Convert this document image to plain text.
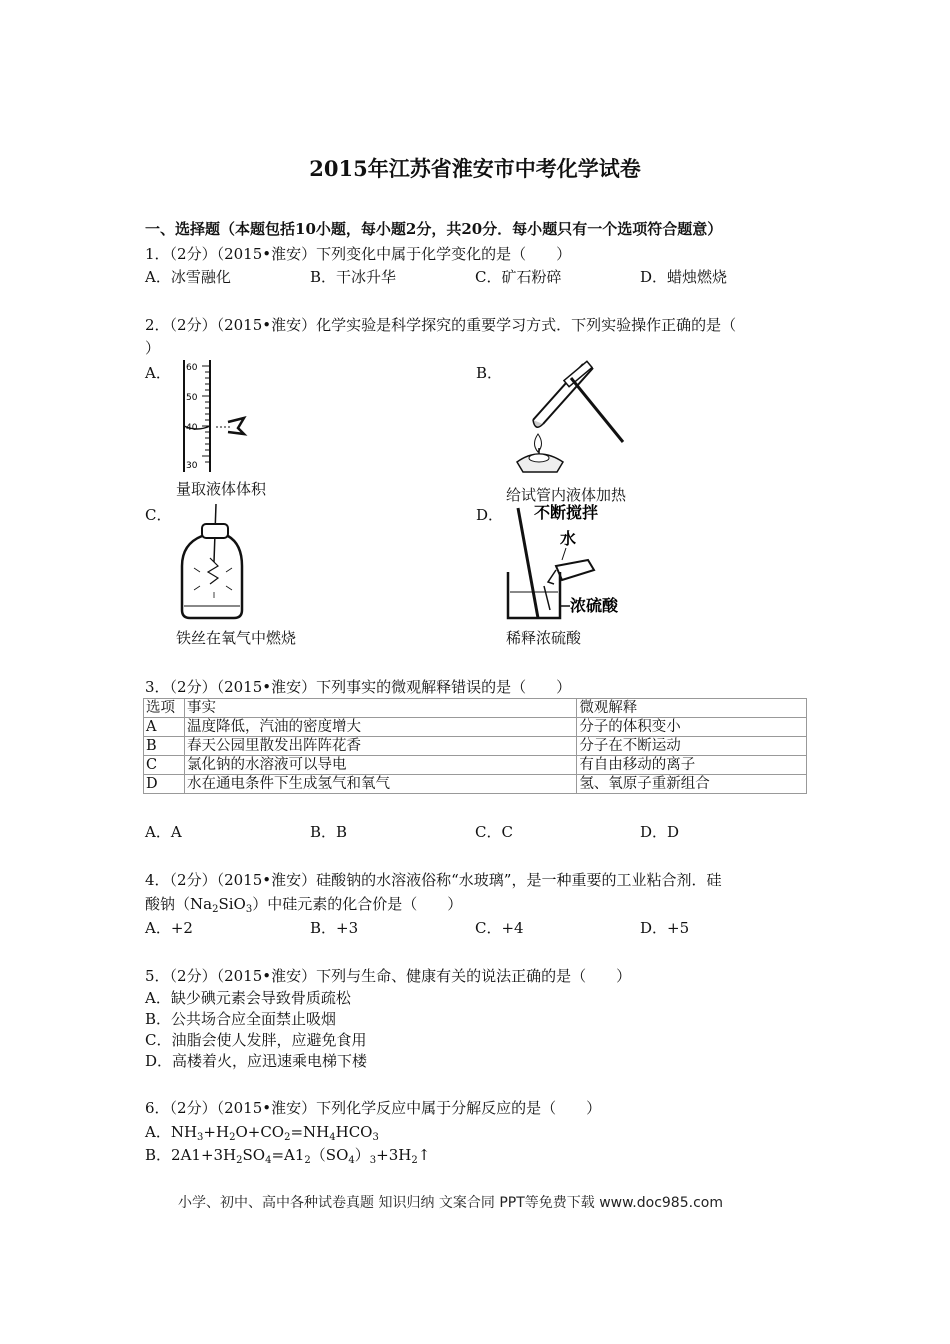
2015年江苏省淮安市中考化学试卷
一、选择题（本题包括10小题，每小题2分，共20分．每小题只有一个选项符合题意）
1．（2分）（2015•淮安）下列变化中属于化学变化的是（　　）
A．冰雪融化	B．干冰升华	C．矿石粉碎	D．蜡烛燃烧
2．（2分）（2015•淮安）化学实验是科学探究的重要学习方式．下列实验操作正确的是（
）
A．	B．
C．	D．
60
50
40
30
量取液体体积	给试管内液体加热
铁丝在氧气中燃烧
不断搅拌
水
浓硫酸
稀释浓硫酸
3．（2分）（2015•淮安）下列事实的微观解释错误的是（　　）
选项	事实	微观解释
A	温度降低，汽油的密度增大	分子的体积变小
B	春天公园里散发出阵阵花香	分子在不断运动
C	氯化钠的水溶液可以导电	有自由移动的离子
D	水在通电条件下生成氢气和氧气	氢、氧原子重新组合
A．A	B．B	C．C	D．D
4．（2分）（2015•淮安）硅酸钠的水溶液俗称“水玻璃”，是一种重要的工业粘合剂．硅
酸钠$(Na_2SiO_3)$中硅元素的化合价是（　　）
A．+2	B．+3	C．+4	D．+5
5．（2分）（2015•淮安）下列与生命、健康有关的说法正确的是（　　）
A．缺少碘元素会导致骨质疏松
B．公共场合应全面禁止吸烟
C．油脂会使人发胖，应避免食用
D．高楼着火，应迅速乘电梯下楼
6．（2分）（2015•淮安）下列化学反应中属于分解反应的是（　　）
A．$NH_3+H_2O+CO_2=NH_4HCO_3$
B．$2A1+3H_2SO_4=A1_2(SO_4)_3+3H_2↑$
小学、初中、高中各种试卷真题 知识归纳 文案合同 PPT等免费下载 www.doc985.com
